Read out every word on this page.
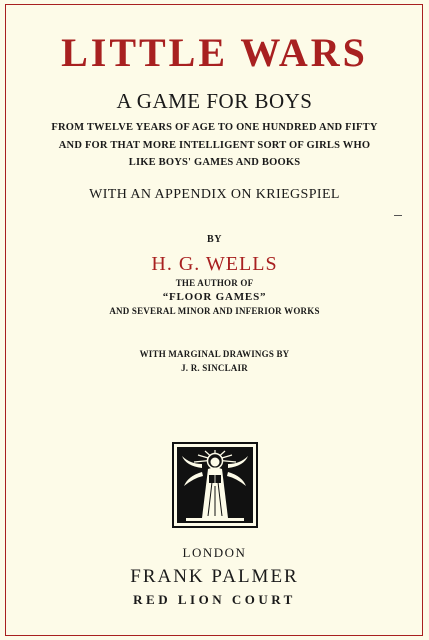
LITTLE WARS
A GAME FOR BOYS
FROM TWELVE YEARS OF AGE TO ONE HUNDRED AND FIFTY
AND FOR THAT MORE INTELLIGENT SORT OF GIRLS WHO
LIKE BOYS' GAMES AND BOOKS
WITH AN APPENDIX ON KRIEGSPIEL
BY
H. G. WELLS
THE AUTHOR OF
“FLOOR GAMES”
AND SEVERAL MINOR AND INFERIOR WORKS
WITH MARGINAL DRAWINGS BY
J. R. SINCLAIR
LONDON
FRANK PALMER
RED LION COURT
